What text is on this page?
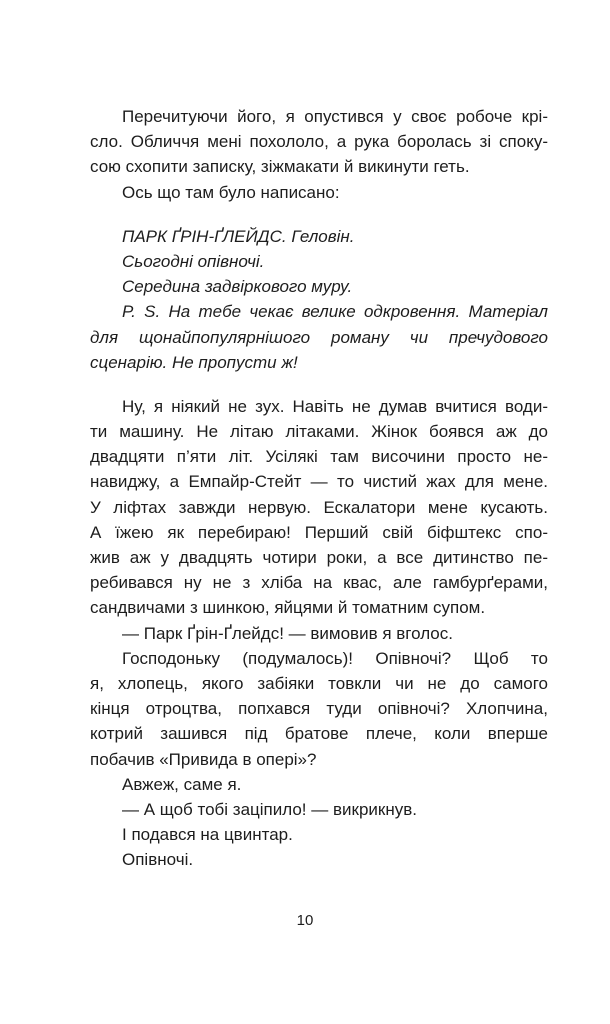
Перечитуючи його, я опустився у своє робоче крі-
сло. Обличчя мені похололо, а рука боролась зі споку-
сою схопити записку, зіжмакати й викинути геть.
Ось що там було написано:
ПАРК ҐРІН-ҐЛЕЙДС. Геловін.
Сьогодні опівночі.
Середина задвіркового муру.
P. S. На тебе чекає велике одкровення. Матеріал
для щонайпопулярнішого роману чи пречудового
сценарію. Не пропусти ж!
Ну, я ніякий не зух. Навіть не думав вчитися води-
ти машину. Не літаю літаками. Жінок боявся аж до
двадцяти п’яти літ. Усілякі там височини просто не-
навиджу, а Емпайр-Стейт — то чистий жах для мене.
У ліфтах завжди нервую. Ескалатори мене кусають.
А їжею як перебираю! Перший свій біфштекс спо-
жив аж у двадцять чотири роки, а все дитинство пе-
ребивався ну не з хліба на квас, але гамбурґерами,
сандвичами з шинкою, яйцями й томатним супом.
— Парк Ґрін-Ґлейдс! — вимовив я вголос.
Господоньку (подумалось)! Опівночі? Щоб то
я, хлопець, якого забіяки товкли чи не до самого
кінця отроцтва, попхався туди опівночі? Хлопчина,
котрий зашився під братове плече, коли вперше
побачив «Привида в опері»?
Авжеж, саме я.
— А щоб тобі заціпило! — викрикнув.
І подався на цвинтар.
Опівночі.
10
